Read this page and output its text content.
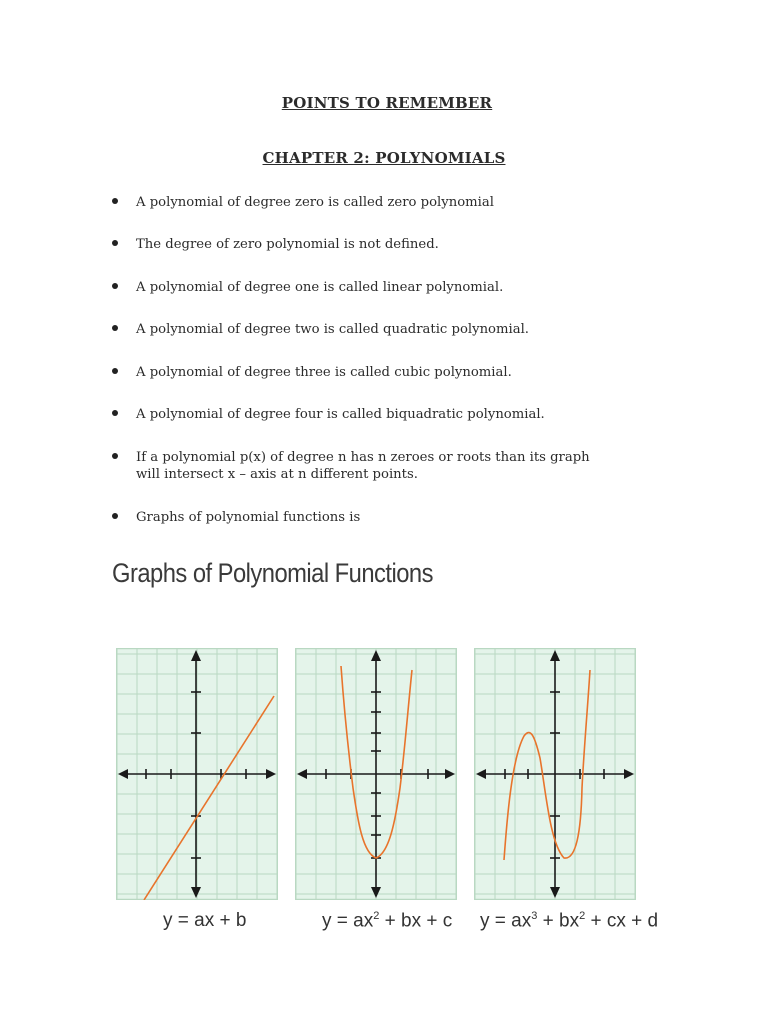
POINTS TO REMEMBER
CHAPTER 2: POLYNOMIALS
A polynomial of degree zero is called zero polynomial
The degree of zero polynomial is not defined.
A polynomial of degree one is called linear polynomial.
A polynomial of degree two is called quadratic polynomial.
A polynomial of degree three is called cubic polynomial.
A polynomial of degree four is called biquadratic polynomial.
If a polynomial p(x) of degree n has n zeroes or roots than its graph will intersect x – axis at n different points.
Graphs of polynomial functions is
Graphs of Polynomial Functions
y = ax + b	$y = ax^2$ + bx + c $y = ax^3 + bx^2$ + cx + d
